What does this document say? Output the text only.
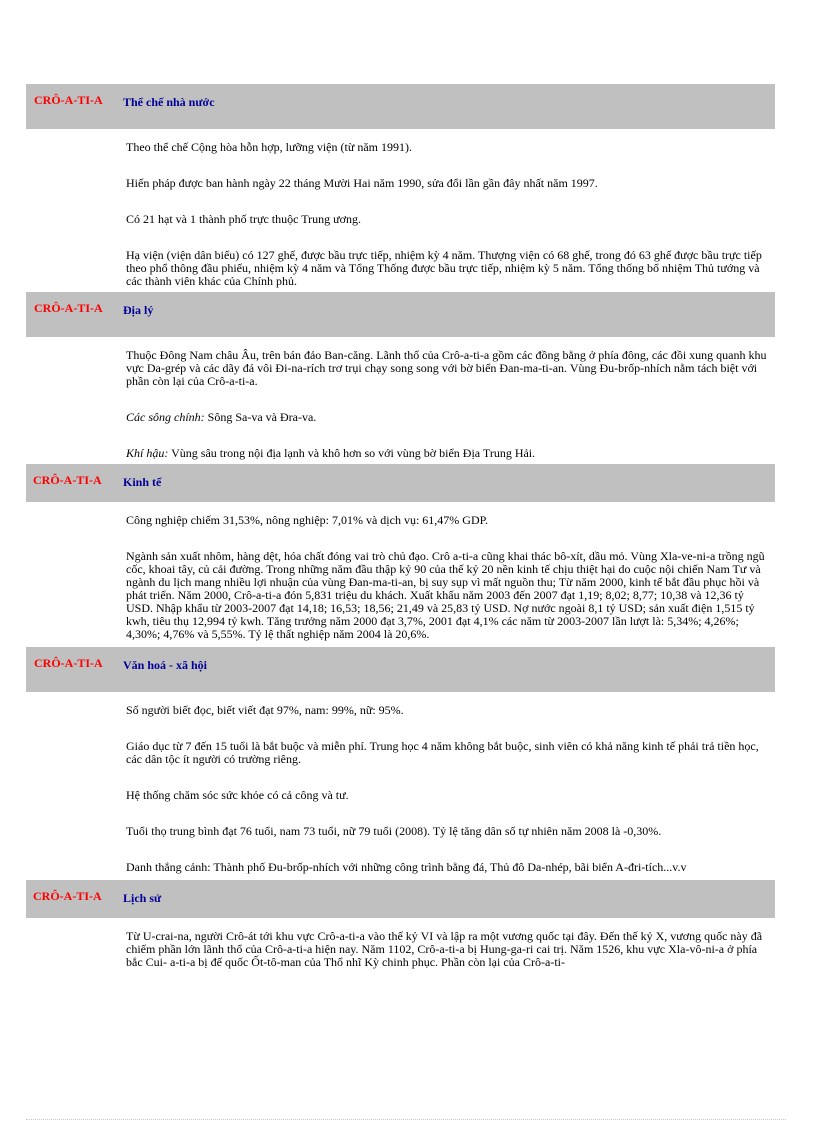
CRÔ-A-TI-A	Thể chế nhà nước

Theo thể chế Cộng hòa hỗn hợp, lưỡng viện (từ năm 1991).

Hiến pháp được ban hành ngày 22 tháng Mười Hai năm 1990, sửa đổi lần gần đây nhất năm 1997.

Có 21 hạt và 1 thành phố trực thuộc Trung ương.

Hạ viện (viện dân biểu) có 127 ghế, được bầu trực tiếp, nhiệm kỳ 4 năm. Thượng viện có 68 ghế, trong đó 63 ghế được bầu trực tiếp theo phổ thông đầu phiếu, nhiệm kỳ 4 năm và Tổng Thống được bầu trực tiếp, nhiệm kỳ 5 năm. Tổng thống bổ nhiệm Thủ tướng và các thành viên khác của Chính phủ.

CRÔ-A-TI-A	Địa lý

Thuộc Đông Nam châu Âu, trên bán đảo Ban-căng. Lãnh thổ của Crô-a-ti-a gồm các đồng bằng ở phía đông, các đồi xung quanh khu vực Da-grép và các dãy đá vôi Đi-na-rích trơ trụi chạy song song với bờ biển Đan-ma-ti-an. Vùng Đu-brốp-nhích nằm tách biệt với phần còn lại của Crô-a-ti-a.

Các sông chính: Sông Sa-va và Đra-va.

Khí hậu: Vùng sâu trong nội địa lạnh và khô hơn so với vùng bờ biển Địa Trung Hải.

CRÔ-A-TI-A	Kinh tế

Công nghiệp chiếm 31,53%, nông nghiệp: 7,01% và dịch vụ: 61,47% GDP.

Ngành sản xuất nhôm, hàng dệt, hóa chất đóng vai trò chủ đạo. Crô a-ti-a cũng khai thác bô-xít, dầu mỏ. Vùng Xla-ve-ni-a trồng ngũ cốc, khoai tây, củ cải đường. Trong những năm đầu thập kỷ 90 của thế kỷ 20 nền kinh tế chịu thiệt hại do cuộc nội chiến Nam Tư và ngành du lịch mang nhiều lợi nhuận của vùng Đan-ma-ti-an, bị suy sụp vì mất nguồn thu; Từ năm 2000, kinh tế bắt đầu phục hồi và phát triển. Năm 2000, Crô-a-ti-a đón 5,831 triệu du khách. Xuất khẩu năm 2003 đến 2007 đạt 1,19; 8,02; 8,77; 10,38 và 12,36 tỷ USD. Nhập khẩu từ 2003-2007 đạt 14,18; 16,53; 18,56; 21,49 và 25,83 tỷ USD. Nợ nước ngoài 8,1 tỷ USD; sản xuất điện 1,515 tỷ kwh, tiêu thụ 12,994 tỷ kwh. Tăng trưởng năm 2000 đạt 3,7%, 2001 đạt 4,1% các năm từ 2003-2007 lần lượt là: 5,34%; 4,26%; 4,30%; 4,76% và 5,55%. Tỷ lệ thất nghiệp năm 2004 là 20,6%.

CRÔ-A-TI-A	Văn hoá - xã hội

Số người biết đọc, biết viết đạt 97%, nam: 99%, nữ: 95%.

Giáo dục từ 7 đến 15 tuổi là bắt buộc và miễn phí. Trung học 4 năm không bắt buộc, sinh viên có khả năng kinh tế phải trả tiền học, các dân tộc ít người có trường riêng.

Hệ thống chăm sóc sức khỏe có cả công và tư.

Tuổi thọ trung bình đạt 76 tuổi, nam 73 tuổi, nữ 79 tuổi (2008). Tỷ lệ tăng dân số tự nhiên năm 2008 là -0,30%.

Danh thắng cảnh: Thành phố Đu-brốp-nhích với những công trình bằng đá, Thủ đô Da-nhép, bãi biển A-đri-tích...v.v

CRÔ-A-TI-A	Lịch sử

Từ U-crai-na, người Crô-át tới khu vực Crô-a-ti-a vào thế kỷ VI và lập ra một vương quốc tại đây. Đến thế kỷ X, vương quốc này đã chiếm phần lớn lãnh thổ của Crô-a-ti-a hiện nay. Năm 1102, Crô-a-ti-a bị Hung-ga-ri cai trị. Năm 1526, khu vực Xla-vô-ni-a ở phía bắc Cui- a-ti-a bị đế quốc Ốt-tô-man của Thổ nhĩ Kỳ chinh phục. Phần còn lại của Crô-a-ti-
